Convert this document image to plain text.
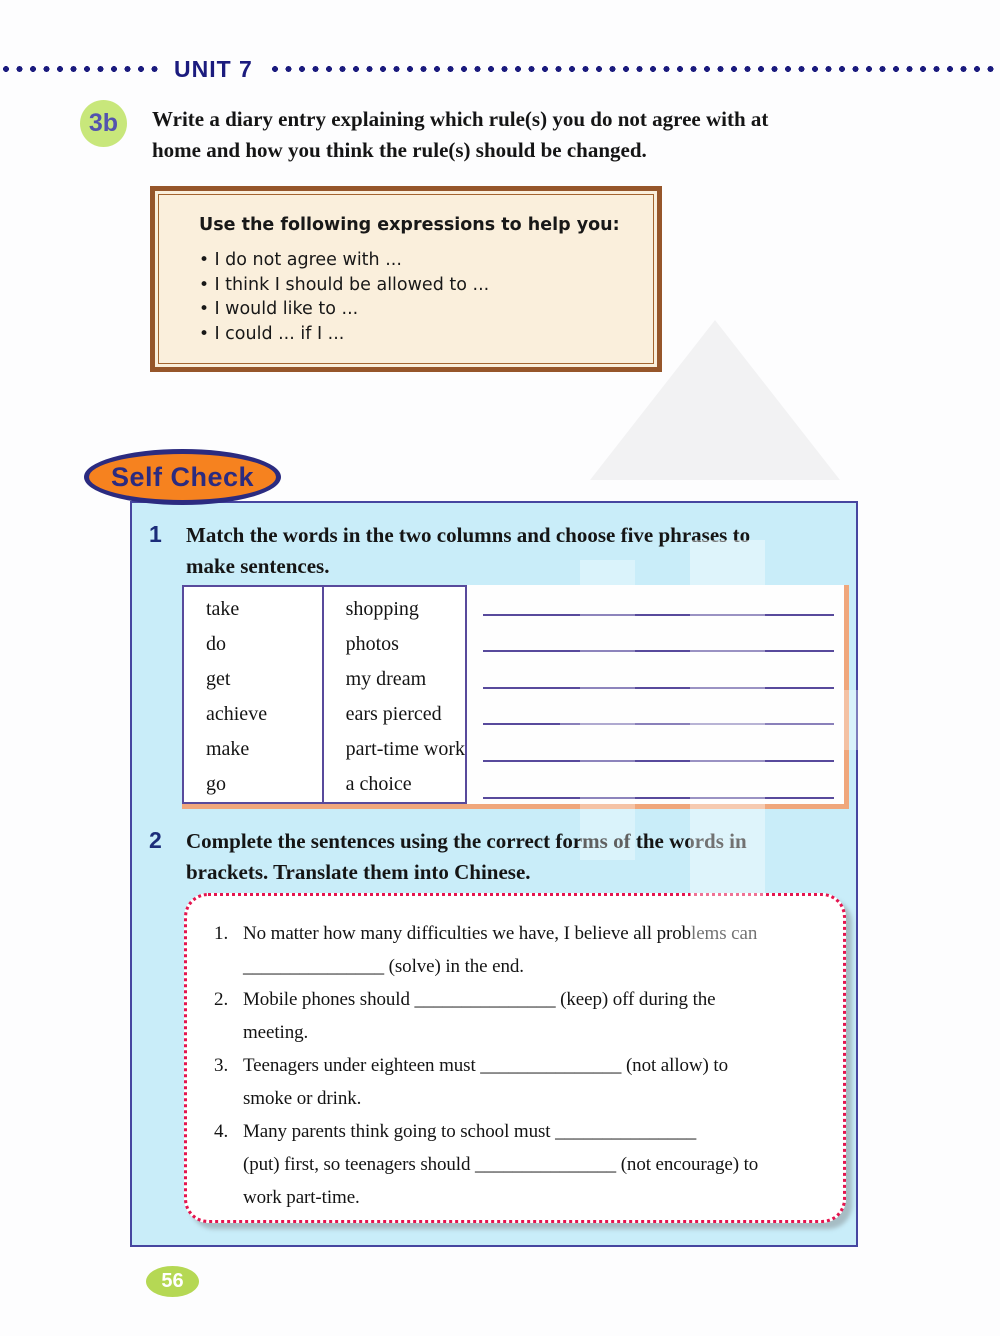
UNIT 7
3b	Write a diary entry explaining which rule(s) you do not agree with at
home and how you think the rule(s) should be changed.
Use the following expressions to help you:
• I do not agree with ...
• I think I should be allowed to ...
• I would like to ...
• I could ... if I ...
Self Check
1 Match the words in the two columns and choose five phrases to
make sentences.
take
do
get
achieve
make
go
shopping
photos
my dream
ears pierced
part-time work
a choice
2 Complete the sentences using the correct forms of the words in
brackets. Translate them into Chinese.
1. No matter how many difficulties we have, I believe all problems can
_______________ (solve) in the end.
2. Mobile phones should _______________ (keep) off during the
meeting.
3. Teenagers under eighteen must _______________ (not allow) to
smoke or drink.
4. Many parents think going to school must _______________
(put) first, so teenagers should _______________ (not encourage) to
work part-time.
56
